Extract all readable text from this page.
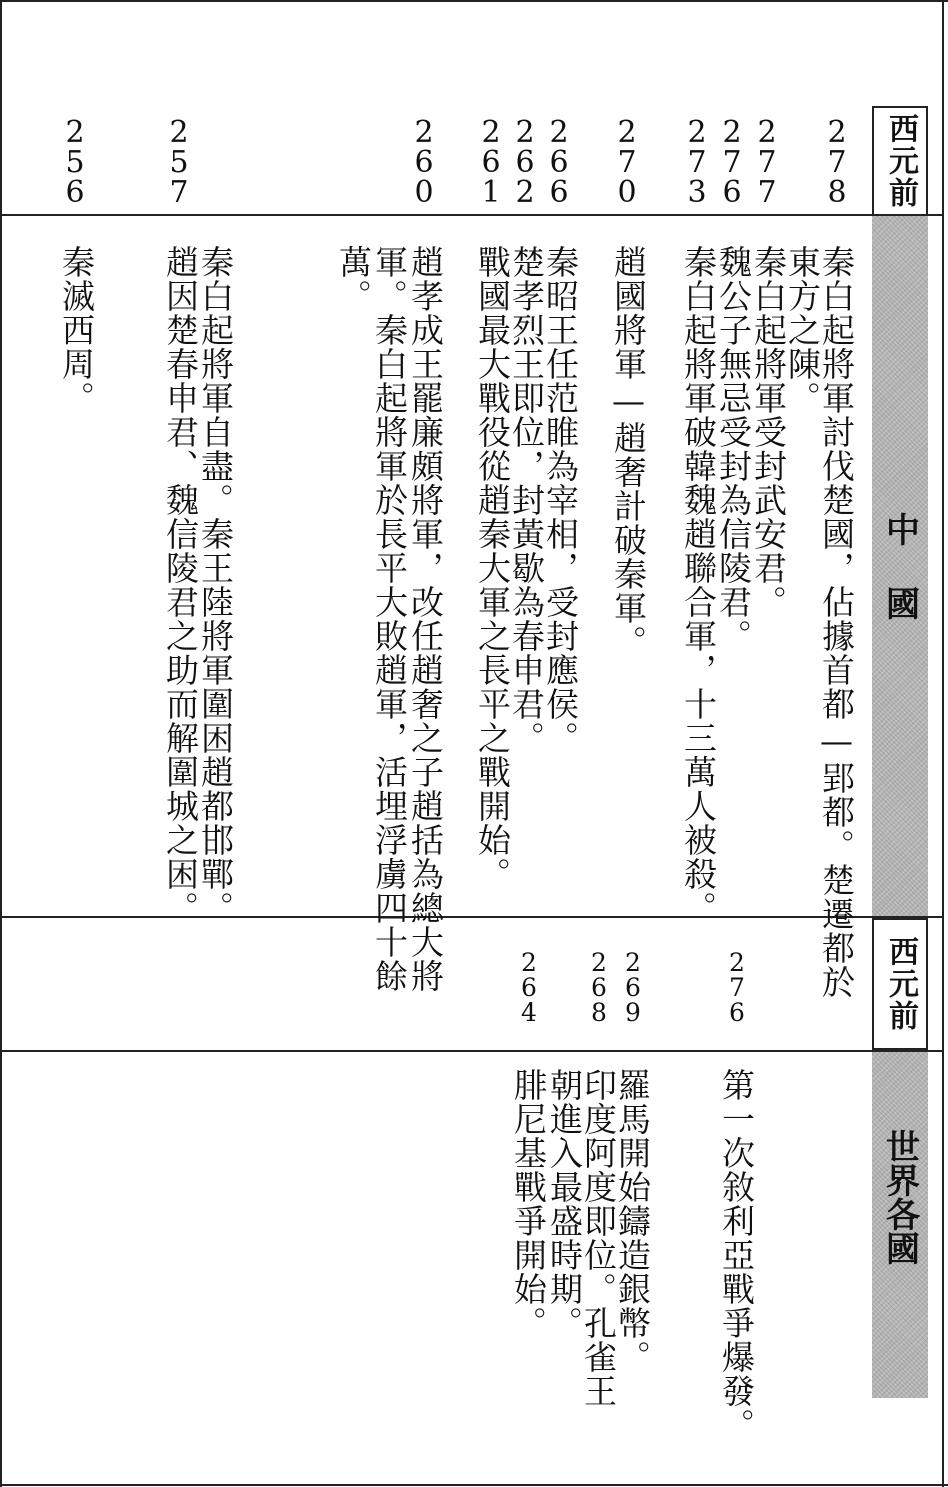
西元前
中 國
西元前
世界各國
2
7
8
2
7
7
2
7
6
2
7
3
2
7
0
2
6
6
2
6
2
2
6
1
2
6
0
2
5
7
2
5
6
秦白起將軍討伐楚國，佔據首都—郢都。楚遷都於
東方之陳。
秦白起將軍受封武安君。
魏公子無忌受封為信陵君。
秦白起將軍破韓魏趙聯合軍，十三萬人被殺。
趙國將軍—趙奢計破秦軍。
秦昭王任范睢為宰相，受封應侯。
楚孝烈王即位，封黃歇為春申君。
戰國最大戰役從趙秦大軍之長平之戰開始。
趙孝成王罷廉頗將軍，改任趙奢之子趙括為總大將
軍。秦白起將軍於長平大敗趙軍，活埋浮虜四十餘
萬。
秦白起將軍自盡。秦王陸將軍圍困趙都邯鄲。
趙因楚春申君、魏信陵君之助而解圍城之困。
秦滅西周。
2
7
6
2
6
9
2
6
8
2
6
4
第一次敘利亞戰爭爆發。
羅馬開始鑄造銀幣。
印度阿度即位。孔雀王
朝進入最盛時期。
腓尼基戰爭開始。
